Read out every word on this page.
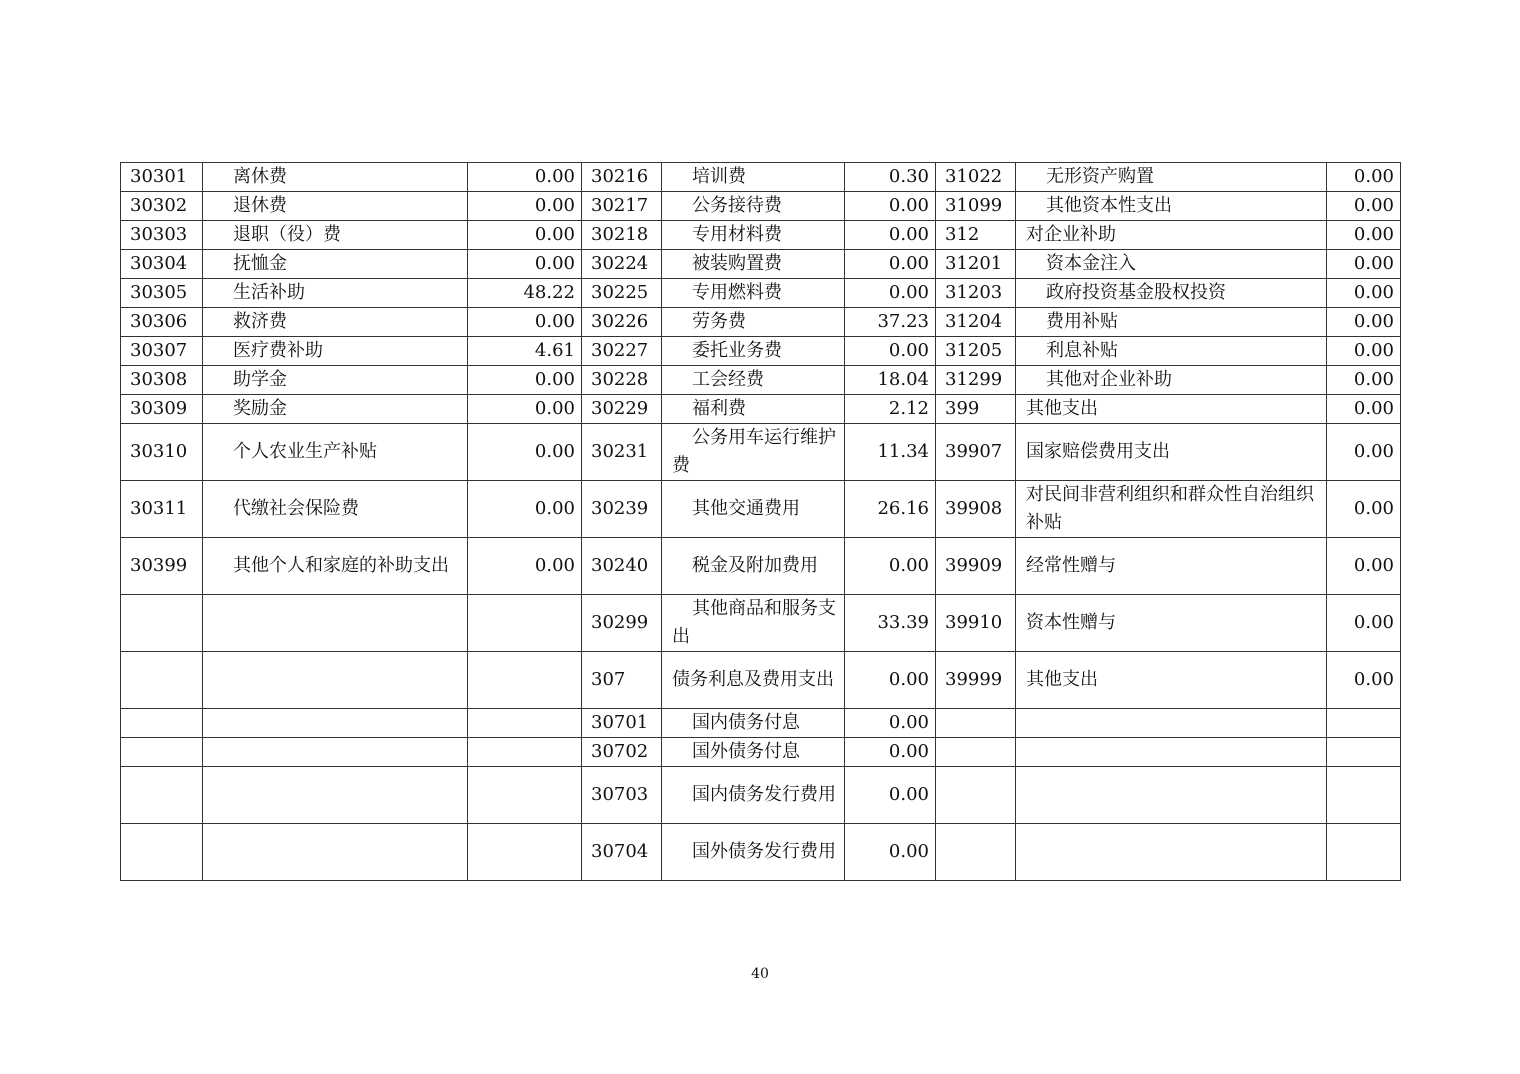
30301	离休费	0.00	30216	培训费	0.30	31022	无形资产购置	0.00
30302	退休费	0.00	30217	公务接待费	0.00	31099	其他资本性支出	0.00
30303	退职（役）费	0.00	30218	专用材料费	0.00	312	对企业补助	0.00
30304	抚恤金	0.00	30224	被装购置费	0.00	31201	资本金注入	0.00
30305	生活补助	48.22	30225	专用燃料费	0.00	31203	政府投资基金股权投资	0.00
30306	救济费	0.00	30226	劳务费	37.23	31204	费用补贴	0.00
30307	医疗费补助	4.61	30227	委托业务费	0.00	31205	利息补贴	0.00
30308	助学金	0.00	30228	工会经费	18.04	31299	其他对企业补助	0.00
30309	奖励金	0.00	30229	福利费	2.12	399	其他支出	0.00
30310	个人农业生产补贴	0.00	30231	公务用车运行维护费	11.34	39907	国家赔偿费用支出	0.00
30311	代缴社会保险费	0.00	30239	其他交通费用	26.16	39908	对民间非营利组织和群众性自治组织补贴	0.00
30399	其他个人和家庭的补助支出	0.00	30240	税金及附加费用	0.00	39909	经常性赠与	0.00
			30299	其他商品和服务支出	33.39	39910	资本性赠与	0.00
			307	债务利息及费用支出	0.00	39999	其他支出	0.00
			30701	国内债务付息	0.00			
			30702	国外债务付息	0.00			
			30703	国内债务发行费用	0.00			
			30704	国外债务发行费用	0.00			
40
